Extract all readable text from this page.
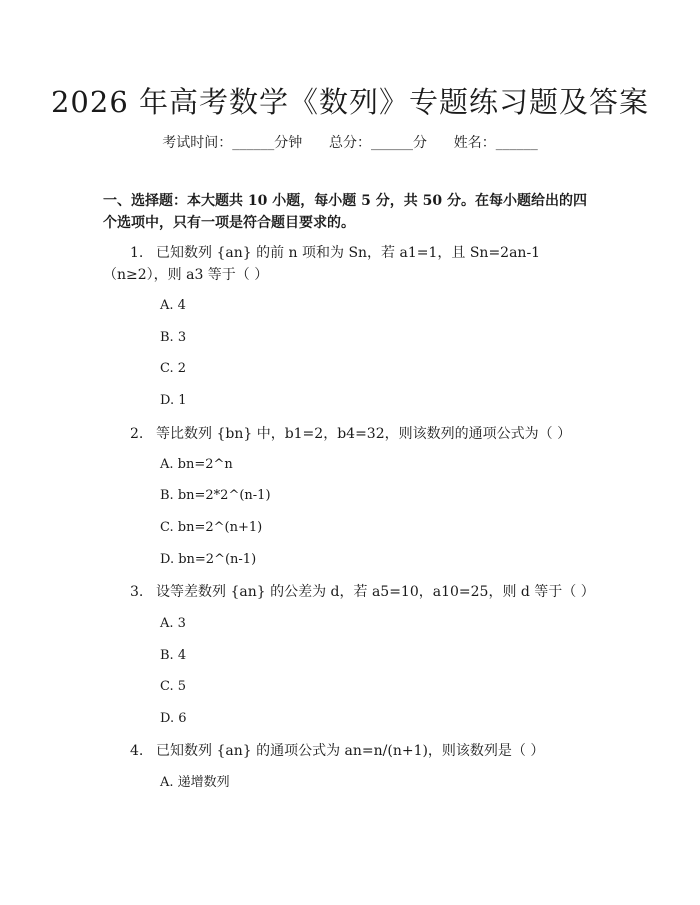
2026 年高考数学《数列》专题练习题及答案
考试时间：______分钟 总分：______分 姓名：______
一、选择题：本大题共 10 小题，每小题 5 分，共 50 分。在每小题给出的四个选项中，只有一项是符合题目要求的。
1. 已知数列 {an} 的前 n 项和为 Sn，若 a1=1，且 Sn=2an-1（n≥2），则 a3 等于（ ）
A. 4
B. 3
C. 2
D. 1
2. 等比数列 {bn} 中，b1=2，b4=32，则该数列的通项公式为（ ）
A. bn=2^n
B. bn=2*2^(n-1)
C. bn=2^(n+1)
D. bn=2^(n-1)
3. 设等差数列 {an} 的公差为 d，若 a5=10，a10=25，则 d 等于（ ）
A. 3
B. 4
C. 5
D. 6
4. 已知数列 {an} 的通项公式为 an=n/(n+1)，则该数列是（ ）
A. 递增数列
